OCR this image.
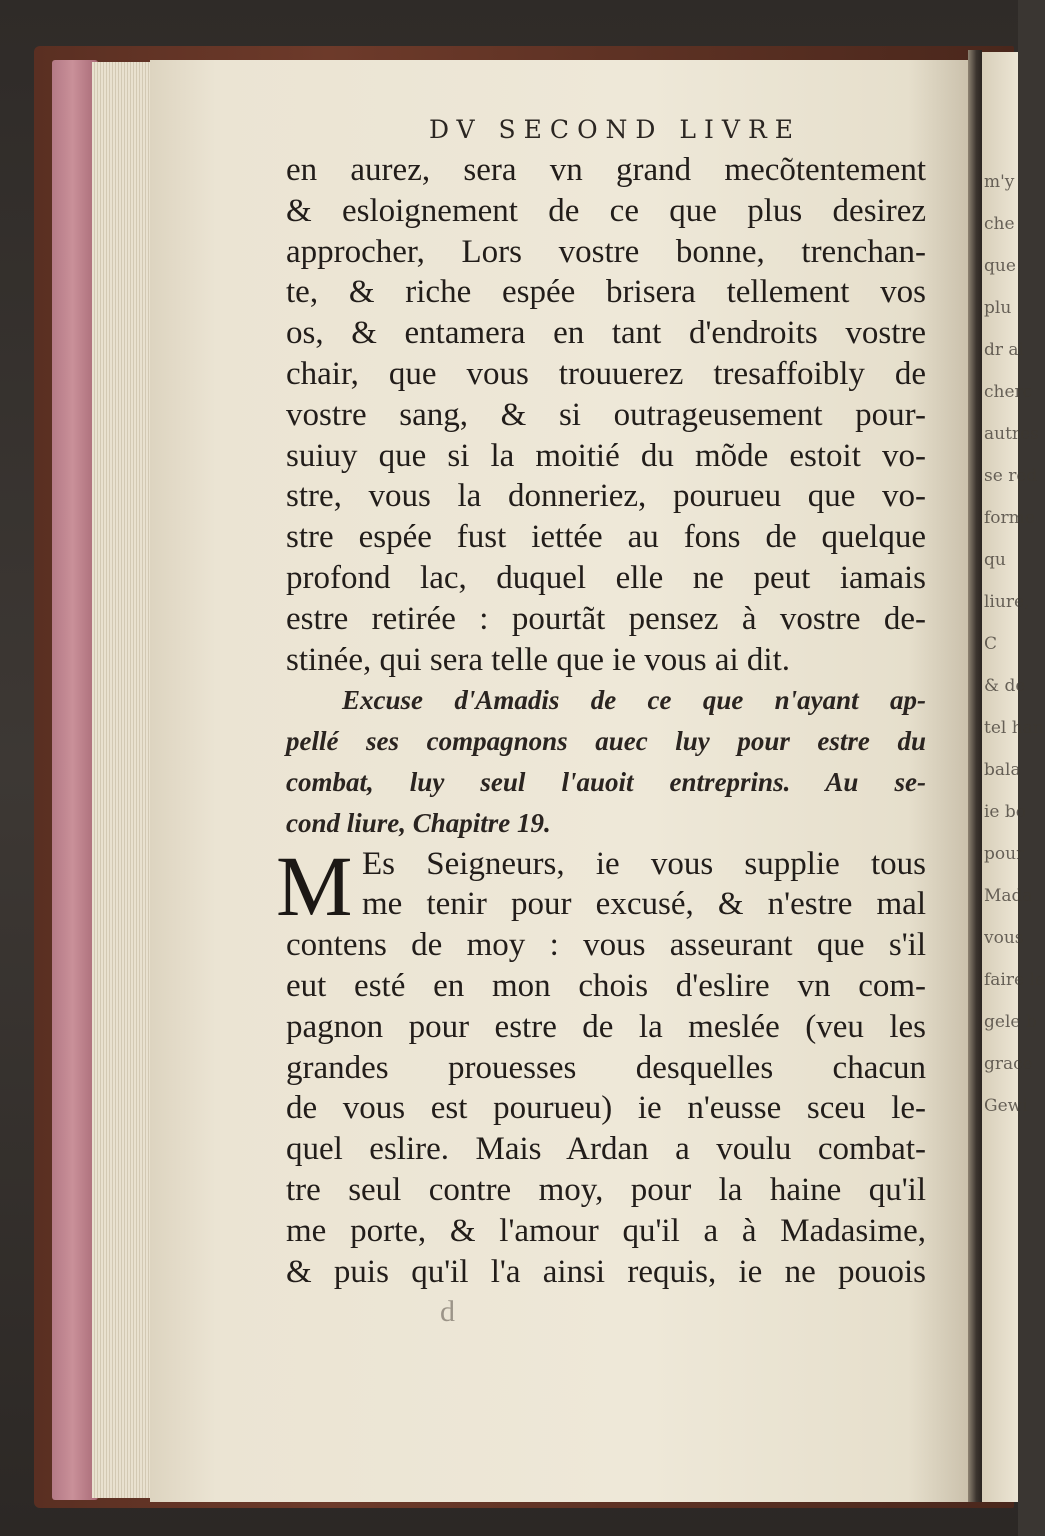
m'y
che
que
plu
dr ai
cherc
autres
se red
forme
qu
liure,
C
& de
tel han
bala
ie bo
pour
Mada
vous
faire le
gele b
grace
Gewi
DV SECOND LIVRE
en aurez, sera vn grand mecõtentement
& esloignement de ce que plus desirez
approcher, Lors vostre bonne, trenchan-
te, & riche espée brisera tellement vos
os, & entamera en tant d'endroits vostre
chair, que vous trouuerez tresaffoibly de
vostre sang, & si outrageusement pour-
suiuy que si la moitié du mõde estoit vo-
stre, vous la donneriez, pourueu que vo-
stre espée fust iettée au fons de quelque
profond lac, duquel elle ne peut iamais
estre retirée : pourtãt pensez à vostre de-
stinée, qui sera telle que ie vous ai dit.
Excuse d'Amadis de ce que n'ayant ap-
pellé ses compagnons auec luy pour estre du
combat, luy seul l'auoit entreprins. Au se-
cond liure, Chapitre 19.
M Es Seigneurs, ie vous supplie tous
me tenir pour excusé, & n'estre mal
contens de moy : vous asseurant que s'il
eut esté en mon chois d'eslire vn com-
pagnon pour estre de la meslée (veu les
grandes prouesses desquelles chacun
de vous est pourueu) ie n'eusse sceu le-
quel eslire. Mais Ardan a voulu combat-
tre seul contre moy, pour la haine qu'il
me porte, & l'amour qu'il a à Madasime,
& puis qu'il l'a ainsi requis, ie ne pouois
d
